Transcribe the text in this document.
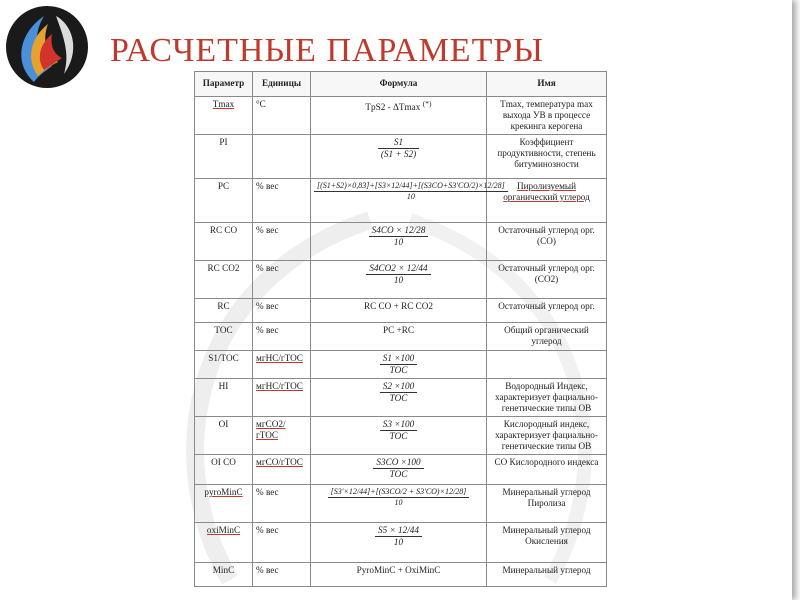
РАСЧЕТНЫЕ ПАРАМЕТРЫ
Параметр	Единицы	Формула	Имя
Tmax	°C	TpS2 - ΔTmax (*)	Tmax, температура max выхода УВ в процессе крекинга керогена
PI		$\frac{S1}{(S1 + S2)}$	Коэффициент продуктивности, степень битуминозности
PC	% вес	$\frac{[(S1+S2)\times 0,83]+[S3\times 12/44]+[(S3CO+S3'CO/2)\times 12/28]}{10}$	Пиролизуемый органический углерод
RC CO	% вес	$\frac{S4CO \times 12/28}{10}$	Остаточный углерод орг. (CO)
RC CO2	% вес	$\frac{S4CO2 \times 12/44}{10}$	Остаточный углерод орг. (CO2)
RC	% вес	RC CO + RC CO2	Остаточный углерод орг.
TOC	% вес	PC +RC	Общий органический углерод
S1/TOC	мгHC/гTOC	$\frac{S1 \times 100}{\text{TOC}}$

HI	мгHC/гTOC	$\frac{S2 \times 100}{\text{TOC}}$	Водородный Индекс, характеризует фациально-генетические типы ОВ
OI	мгCO2/гTOC	$\frac{S3 \times 100}{\text{TOC}}$	Кислородный индекс, характеризует фациально-генетические типы ОВ
OI CO	мгCO/гTOC	$\frac{S3CO \times 100}{\text{TOC}}$	CO Кислородного индекса
pyroMinC	% вес	$\frac{[S3'\times 12/44]+[(S3CO/2 + S3'CO)\times 12/28]}{10}$	Минеральный углерод Пиролиза
oxiMinC	% вес	$\frac{S5 \times 12/44}{10}$	Минеральный углерод Окисления
MinC	% вес	PyroMinC + OxiMinC	Минеральный углерод
